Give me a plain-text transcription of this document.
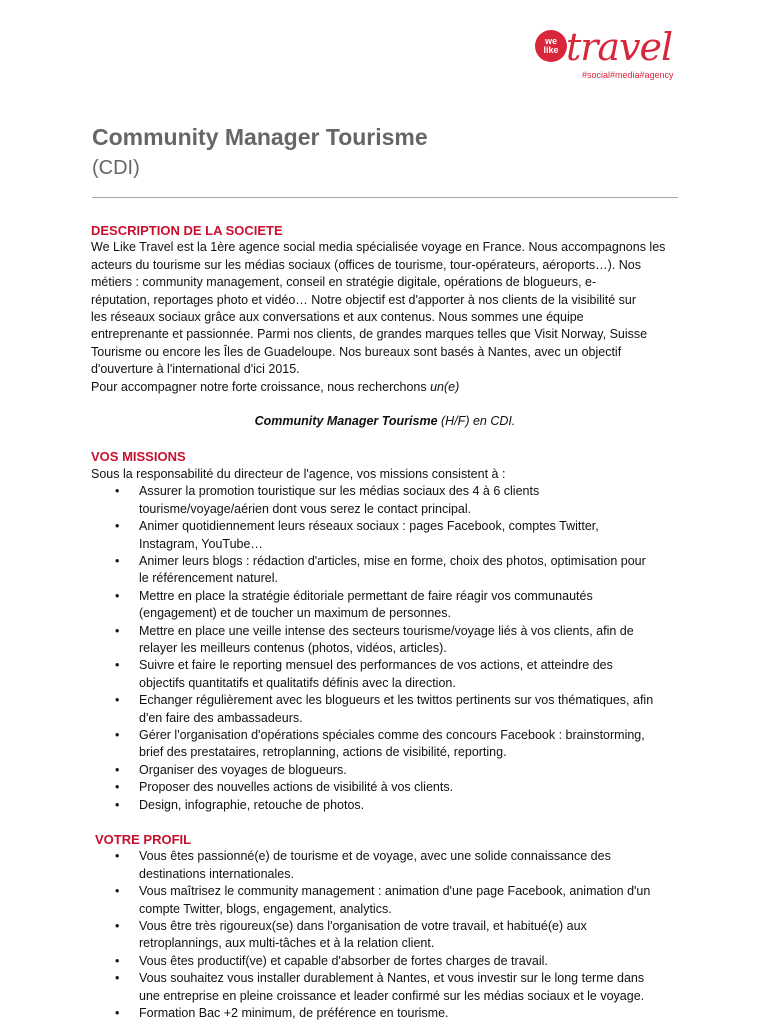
we
like travel
#social#media#agency
Community Manager Tourisme
(CDI)
DESCRIPTION DE LA SOCIETE
We Like Travel est la 1ère agence social media spécialisée voyage en France. Nous accompagnons les
acteurs du tourisme sur les médias sociaux (offices de tourisme, tour-opérateurs, aéroports…). Nos
métiers : community management, conseil en stratégie digitale, opérations de blogueurs, e-
réputation, reportages photo et vidéo… Notre objectif est d'apporter à nos clients de la visibilité sur
les réseaux sociaux grâce aux conversations et aux contenus. Nous sommes une équipe
entreprenante et passionnée. Parmi nos clients, de grandes marques telles que Visit Norway, Suisse
Tourisme ou encore les Îles de Guadeloupe. Nos bureaux sont basés à Nantes, avec un objectif
d'ouverture à l'international d'ici 2015.
Pour accompagner notre forte croissance, nous recherchons un(e)
Community Manager Tourisme (H/F) en CDI.
VOS MISSIONS
Sous la responsabilité du directeur de l'agence, vos missions consistent à :
• Assurer la promotion touristique sur les médias sociaux des 4 à 6 clients
tourisme/voyage/aérien dont vous serez le contact principal.
• Animer quotidiennement leurs réseaux sociaux : pages Facebook, comptes Twitter,
Instagram, YouTube…
• Animer leurs blogs : rédaction d'articles, mise en forme, choix des photos, optimisation pour
le référencement naturel.
• Mettre en place la stratégie éditoriale permettant de faire réagir vos communautés
(engagement) et de toucher un maximum de personnes.
• Mettre en place une veille intense des secteurs tourisme/voyage liés à vos clients, afin de
relayer les meilleurs contenus (photos, vidéos, articles).
• Suivre et faire le reporting mensuel des performances de vos actions, et atteindre des
objectifs quantitatifs et qualitatifs définis avec la direction.
• Echanger régulièrement avec les blogueurs et les twittos pertinents sur vos thématiques, afin
d'en faire des ambassadeurs.
• Gérer l'organisation d'opérations spéciales comme des concours Facebook : brainstorming,
brief des prestataires, retroplanning, actions de visibilité, reporting.
• Organiser des voyages de blogueurs.
• Proposer des nouvelles actions de visibilité à vos clients.
• Design, infographie, retouche de photos.
VOTRE PROFIL
• Vous êtes passionné(e) de tourisme et de voyage, avec une solide connaissance des
destinations internationales.
• Vous maîtrisez le community management : animation d'une page Facebook, animation d'un
compte Twitter, blogs, engagement, analytics.
• Vous être très rigoureux(se) dans l'organisation de votre travail, et habitué(e) aux
retroplannings, aux multi-tâches et à la relation client.
• Vous êtes productif(ve) et capable d'absorber de fortes charges de travail.
• Vous souhaitez vous installer durablement à Nantes, et vous investir sur le long terme dans
une entreprise en pleine croissance et leader confirmé sur les médias sociaux et le voyage.
• Formation Bac +2 minimum, de préférence en tourisme.
